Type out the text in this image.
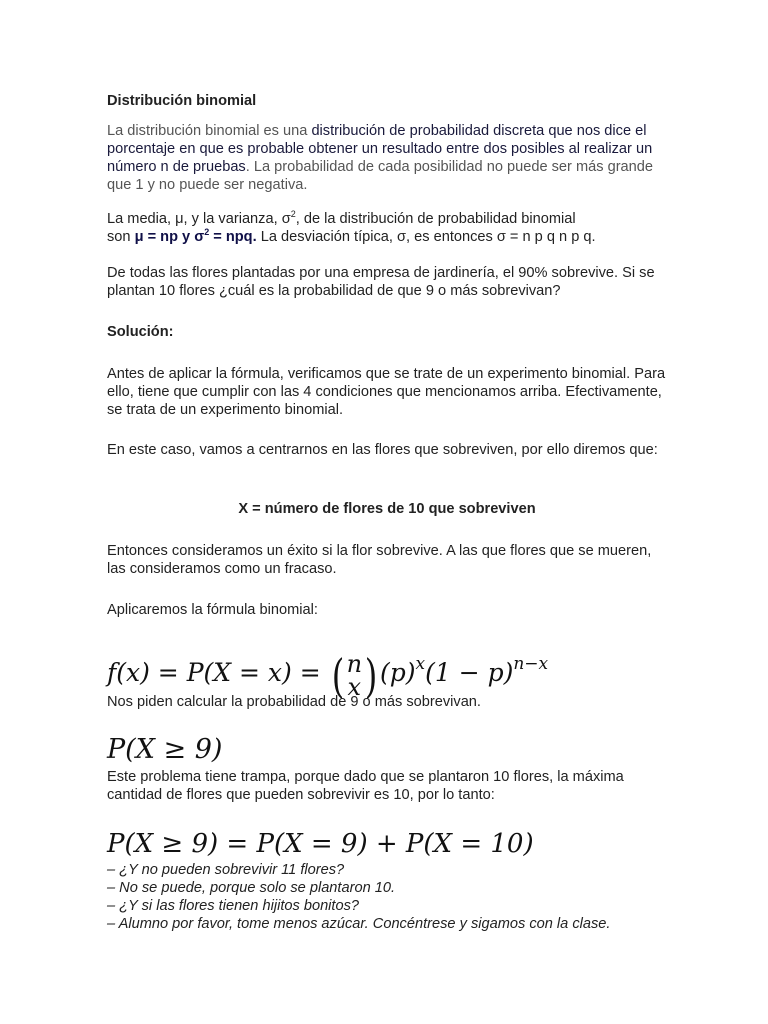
Distribución binomial
La distribución binomial es una distribución de probabilidad discreta que nos dice el porcentaje en que es probable obtener un resultado entre dos posibles al realizar un número n de pruebas. La probabilidad de cada posibilidad no puede ser más grande que 1 y no puede ser negativa.
La media, μ, y la varianza, $\sigma^2$, de la distribución de probabilidad binomial
son μ = np y $\sigma^2$ = npq. La desviación típica, σ, es entonces σ = n p q n p q.
De todas las flores plantadas por una empresa de jardinería, el 90% sobrevive. Si se plantan 10 flores ¿cuál es la probabilidad de que 9 o más sobrevivan?
Solución:
Antes de aplicar la fórmula, verificamos que se trate de un experimento binomial. Para ello, tiene que cumplir con las 4 condiciones que mencionamos arriba. Efectivamente, se trata de un experimento binomial.
En este caso, vamos a centrarnos en las flores que sobreviven, por ello diremos que:
X = número de flores de 10 que sobreviven
Entonces consideramos un éxito si la flor sobrevive. A las que flores que se mueren, las consideramos como un fracaso.
Aplicaremos la fórmula binomial:
f(x) = P(X = x) = ( n
x) $(p)^x(1 - p)^{n-x}$
Nos piden calcular la probabilidad de 9 o más sobrevivan.
P(X ≥ 9)
Este problema tiene trampa, porque dado que se plantaron 10 flores, la máxima cantidad de flores que pueden sobrevivir es 10, por lo tanto:
P(X ≥ 9) = P(X = 9) + P(X = 10)
– ¿Y no pueden sobrevivir 11 flores?
– No se puede, porque solo se plantaron 10.
– ¿Y si las flores tienen hijitos bonitos?
– Alumno por favor, tome menos azúcar. Concéntrese y sigamos con la clase.
